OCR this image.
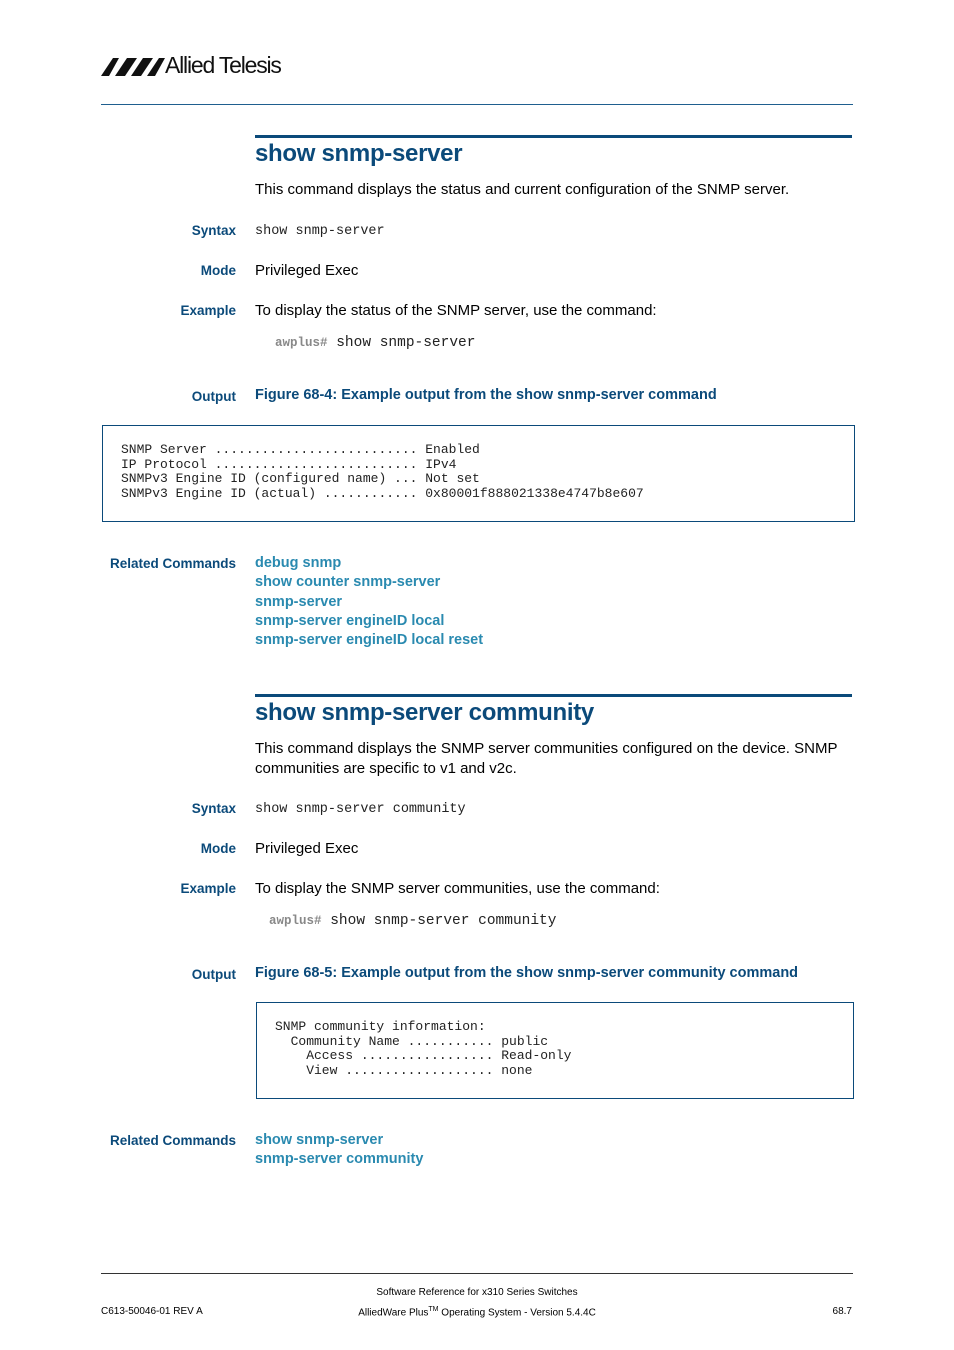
Allied Telesis
show snmp-server
This command displays the status and current configuration of the SNMP server.
Syntax show snmp-server
Mode Privileged Exec
Example To display the status of the SNMP server, use the command:
awplus# show snmp-server
Output Figure 68-4: Example output from the show snmp-server command
SNMP Server .......................... Enabled
IP Protocol .......................... IPv4
SNMPv3 Engine ID (configured name) ... Not set
SNMPv3 Engine ID (actual) ............ 0x80001f888021338e4747b8e607
Related Commands debug snmp
show counter snmp-server
snmp-server
snmp-server engineID local
snmp-server engineID local reset
show snmp-server community
This command displays the SNMP server communities configured on the device. SNMP communities are specific to v1 and v2c.
Syntax show snmp-server community
Mode Privileged Exec
Example To display the SNMP server communities, use the command:
awplus# show snmp-server community
Output Figure 68-5: Example output from the show snmp-server community command
SNMP community information:
Community Name ........... public
Access ................. Read-only
View ................... none
Related Commands show snmp-server
snmp-server community
Software Reference for x310 Series Switches
C613-50046-01 REV A	AlliedWare Plus™ Operating System - Version 5.4.4C	68.7
